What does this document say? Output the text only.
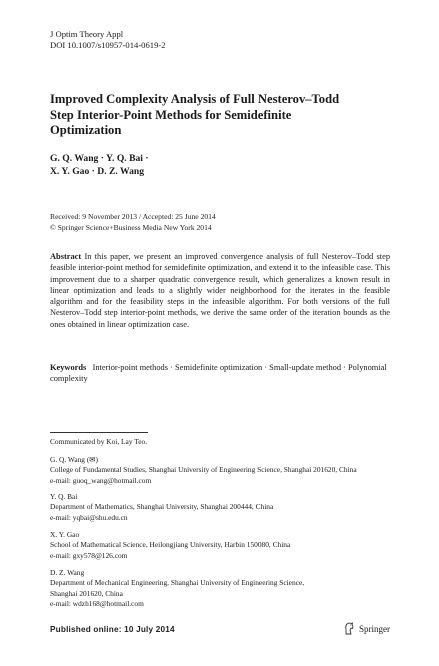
J Optim Theory Appl
DOI 10.1007/s10957-014-0619-2
Improved Complexity Analysis of Full Nesterov–Todd
Step Interior-Point Methods for Semidefinite
Optimization
G. Q. Wang · Y. Q. Bai ·
X. Y. Gao · D. Z. Wang
Received: 9 November 2013 / Accepted: 25 June 2014
© Springer Science+Business Media New York 2014
Abstract In this paper, we present an improved convergence analysis of full Nesterov–Todd step feasible interior-point method for semidefinite optimization, and extend it to the infeasible case. This improvement due to a sharper quadratic convergence result, which generalizes a known result in linear optimization and leads to a slightly wider neighborhood for the iterates in the feasible algorithm and for the feasibility steps in the infeasible algorithm. For both versions of the full Nesterov–Todd step interior-point methods, we derive the same order of the iteration bounds as the ones obtained in linear optimization case.
Keywords Interior-point methods · Semidefinite optimization · Small-update method · Polynomial complexity
Communicated by Koi, Lay Teo.
G. Q. Wang (✉)
College of Fundamental Studies, Shanghai University of Engineering Science, Shanghai 201620, China
e-mail: guoq_wang@hotmail.com
Y. Q. Bai
Department of Mathematics, Shanghai University, Shanghai 200444, China
e-mail: yqbai@shu.edu.cn
X. Y. Gao
School of Mathematical Science, Heilongjiang University, Harbin 150080, China
e-mail: gxy578@126.com
D. Z. Wang
Department of Mechanical Engineering, Shanghai University of Engineering Science,
Shanghai 201620, China
e-mail: wdzh168@hotmail.com
Published online: 10 July 2014	Springer
